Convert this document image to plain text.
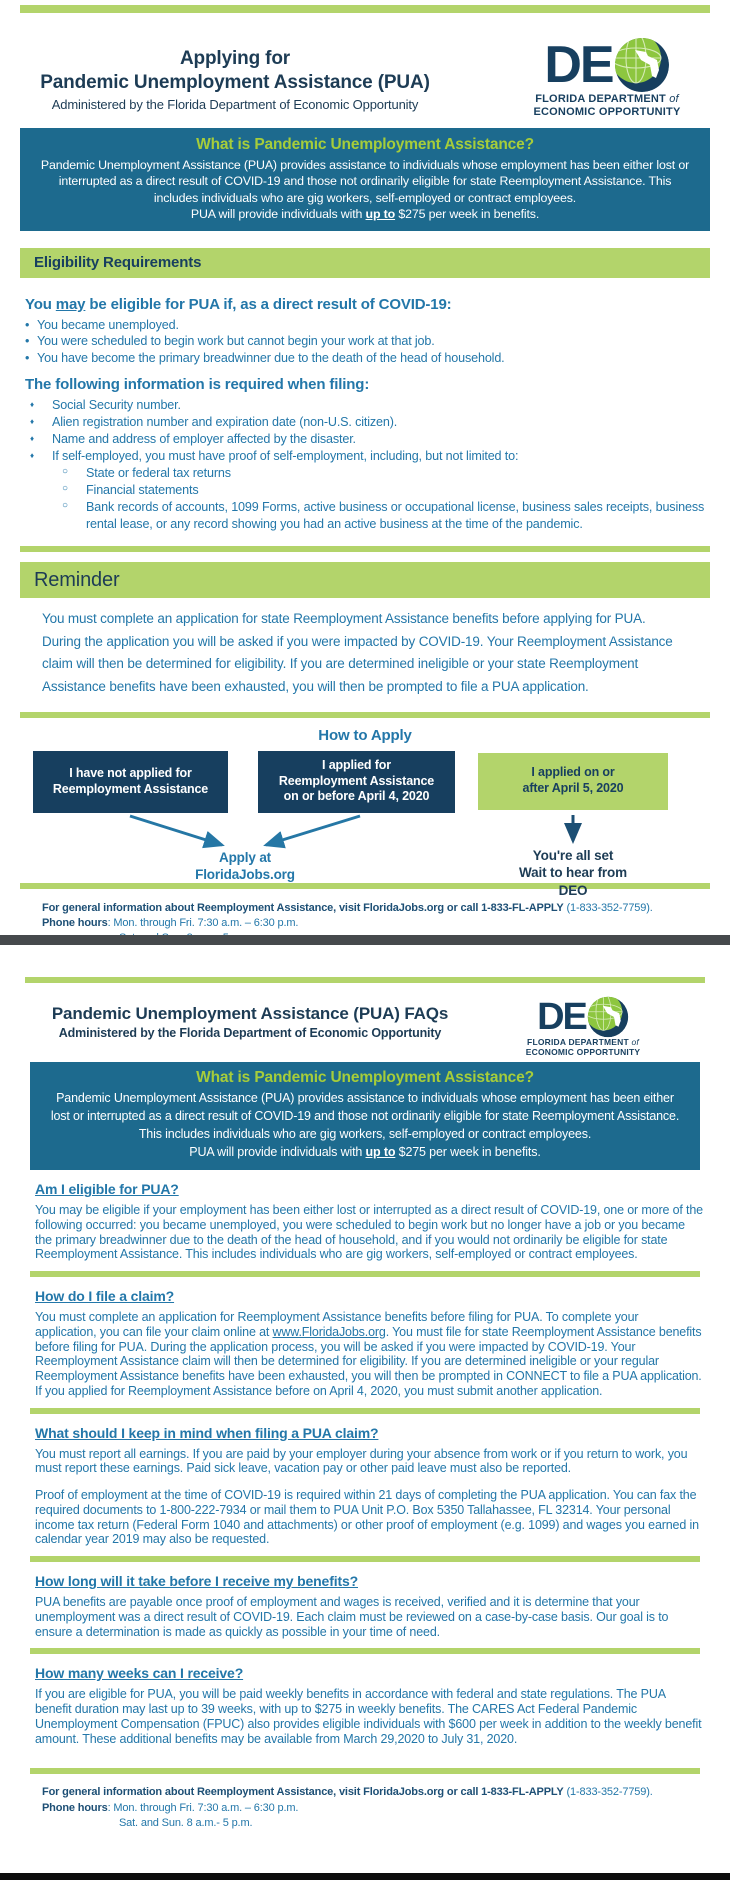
Applying for
Pandemic Unemployment Assistance (PUA)
Administered by the Florida Department of Economic Opportunity
DE
FLORIDA DEPARTMENT of
ECONOMIC OPPORTUNITY
What is Pandemic Unemployment Assistance?

Pandemic Unemployment Assistance (PUA) provides assistance to individuals whose employment has been either lost or interrupted as a direct result of COVID-19 and those not ordinarily eligible for state Reemployment Assistance. This includes individuals who are gig workers, self-employed or contract employees.

PUA will provide individuals with up to $275 per week in benefits.

Eligibility Requirements
You may be eligible for PUA if, as a direct result of COVID-19:
• You became unemployed.
• You were scheduled to begin work but cannot begin your work at that job.
• You have become the primary breadwinner due to the death of the head of household.
The following information is required when filing:
♦ Social Security number.
♦ Alien registration number and expiration date (non-U.S. citizen).
♦ Name and address of employer affected by the disaster.
♦ If self-employed, you must have proof of self-employment, including, but not limited to:
○ State or federal tax returns
○ Financial statements
○ Bank records of accounts, 1099 Forms, active business or occupational license, business sales receipts, business rental lease, or any record showing you had an active business at the time of the pandemic.
Reminder

You must complete an application for state Reemployment Assistance benefits before applying for PUA. During the application you will be asked if you were impacted by COVID-19. Your Reemployment Assistance claim will then be determined for eligibility. If you are determined ineligible or your state Reemployment Assistance benefits have been exhausted, you will then be prompted to file a PUA application.

How to Apply
I have not applied for
Reemployment Assistance
I applied for
Reemployment Assistance
on or before April 4, 2020
I applied on or
after April 5, 2020
Apply at
FloridaJobs.org
You're all set
Wait to hear from
DEO
For general information about Reemployment Assistance, visit FloridaJobs.org or call 1-833-FL-APPLY (1-833-352-7759).
Phone hours: Mon. through Fri. 7:30 a.m. – 6:30 p.m.
Pandemic Unemployment Assistance (PUA) FAQs
Administered by the Florida Department of Economic Opportunity	DE
FLORIDA DEPARTMENT of
ECONOMIC OPPORTUNITY
What is Pandemic Unemployment Assistance?

Pandemic Unemployment Assistance (PUA) provides assistance to individuals whose employment has been either lost or interrupted as a direct result of COVID-19 and those not ordinarily eligible for state Reemployment Assistance. This includes individuals who are gig workers, self-employed or contract employees.

PUA will provide individuals with up to $275 per week in benefits.

Am I eligible for PUA?

You may be eligible if your employment has been either lost or interrupted as a direct result of COVID-19, one or more of the following occurred: you became unemployed, you were scheduled to begin work but no longer have a job or you became the primary breadwinner due to the death of the head of household, and if you would not ordinarily be eligible for state Reemployment Assistance. This includes individuals who are gig workers, self-employed or contract employees.

How do I file a claim?

You must complete an application for Reemployment Assistance benefits before filing for PUA. To complete your application, you can file your claim online at www.FloridaJobs.org. You must file for state Reemployment Assistance benefits before filing for PUA. During the application process, you will be asked if you were impacted by COVID-19. Your Reemployment Assistance claim will then be determined for eligibility. If you are determined ineligible or your regular Reemployment Assistance benefits have been exhausted, you will then be prompted in CONNECT to file a PUA application. If you applied for Reemployment Assistance before on April 4, 2020, you must submit another application.

What should I keep in mind when filing a PUA claim?

You must report all earnings. If you are paid by your employer during your absence from work or if you return to work, you must report these earnings. Paid sick leave, vacation pay or other paid leave must also be reported.

Proof of employment at the time of COVID-19 is required within 21 days of completing the PUA application. You can fax the required documents to 1-800-222-7934 or mail them to PUA Unit P.O. Box 5350 Tallahassee, FL 32314. Your personal income tax return (Federal Form 1040 and attachments) or other proof of employment (e.g. 1099) and wages you earned in calendar year 2019 may also be requested.

How long will it take before I receive my benefits?

PUA benefits are payable once proof of employment and wages is received, verified and it is determine that your unemployment was a direct result of COVID-19. Each claim must be reviewed on a case-by-case basis. Our goal is to ensure a determination is made as quickly as possible in your time of need.

How many weeks can I receive?

If you are eligible for PUA, you will be paid weekly benefits in accordance with federal and state regulations. The PUA benefit duration may last up to 39 weeks, with up to $275 in weekly benefits. The CARES Act Federal Pandemic Unemployment Compensation (FPUC) also provides eligible individuals with $600 per week in addition to the weekly benefit amount. These additional benefits may be available from March 29,2020 to July 31, 2020.

For general information about Reemployment Assistance, visit FloridaJobs.org or call 1-833-FL-APPLY (1-833-352-7759).
Phone hours: Mon. through Fri. 7:30 a.m. – 6:30 p.m.
Sat. and Sun. 8 a.m.- 5 p.m.
